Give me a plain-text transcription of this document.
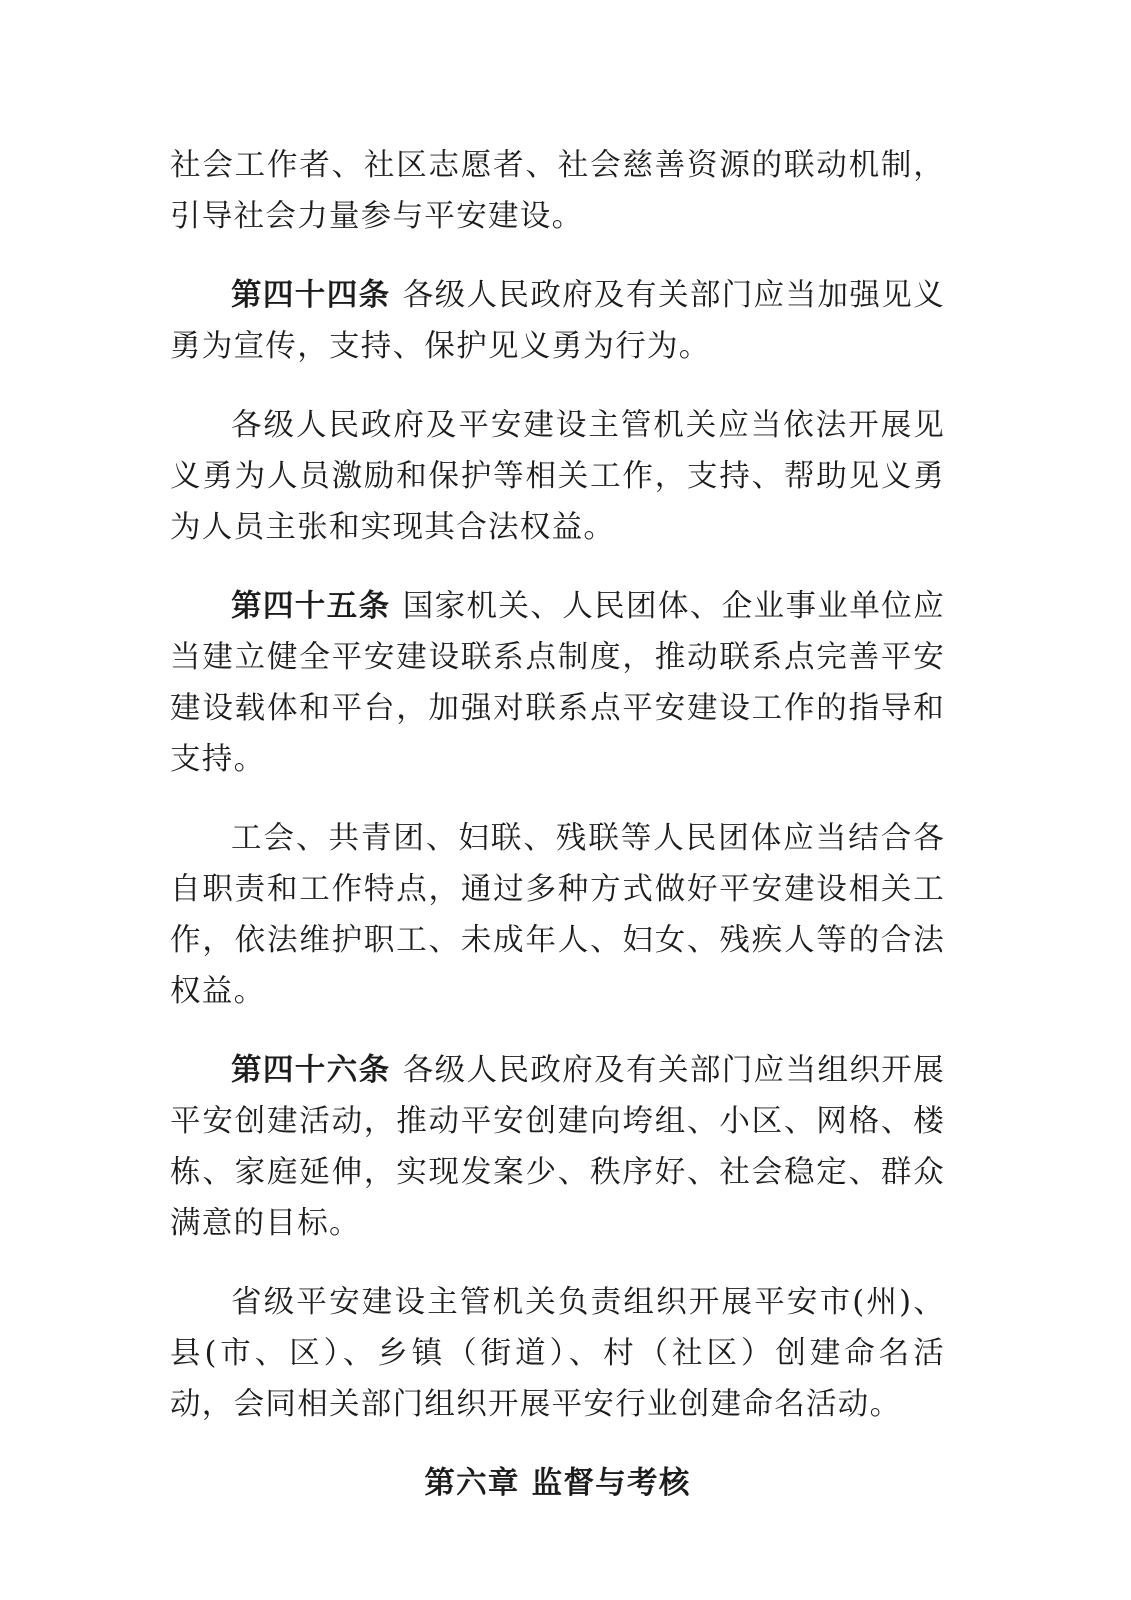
社会工作者、社区志愿者、社会慈善资源的联动机制，引导社会力量参与平安建设。

第四十四条 各级人民政府及有关部门应当加强见义勇为宣传，支持、保护见义勇为行为。

各级人民政府及平安建设主管机关应当依法开展见义勇为人员激励和保护等相关工作，支持、帮助见义勇为人员主张和实现其合法权益。

第四十五条 国家机关、人民团体、企业事业单位应当建立健全平安建设联系点制度，推动联系点完善平安建设载体和平台，加强对联系点平安建设工作的指导和支持。

工会、共青团、妇联、残联等人民团体应当结合各自职责和工作特点，通过多种方式做好平安建设相关工作，依法维护职工、未成年人、妇女、残疾人等的合法权益。

第四十六条 各级人民政府及有关部门应当组织开展平安创建活动，推动平安创建向垮组、小区、网格、楼栋、家庭延伸，实现发案少、秩序好、社会稳定、群众满意的目标。

省级平安建设主管机关负责组织开展平安市(州)、县(市、区）、乡镇（街道）、村（社区）创建命名活动，会同相关部门组织开展平安行业创建命名活动。

第六章 监督与考核
